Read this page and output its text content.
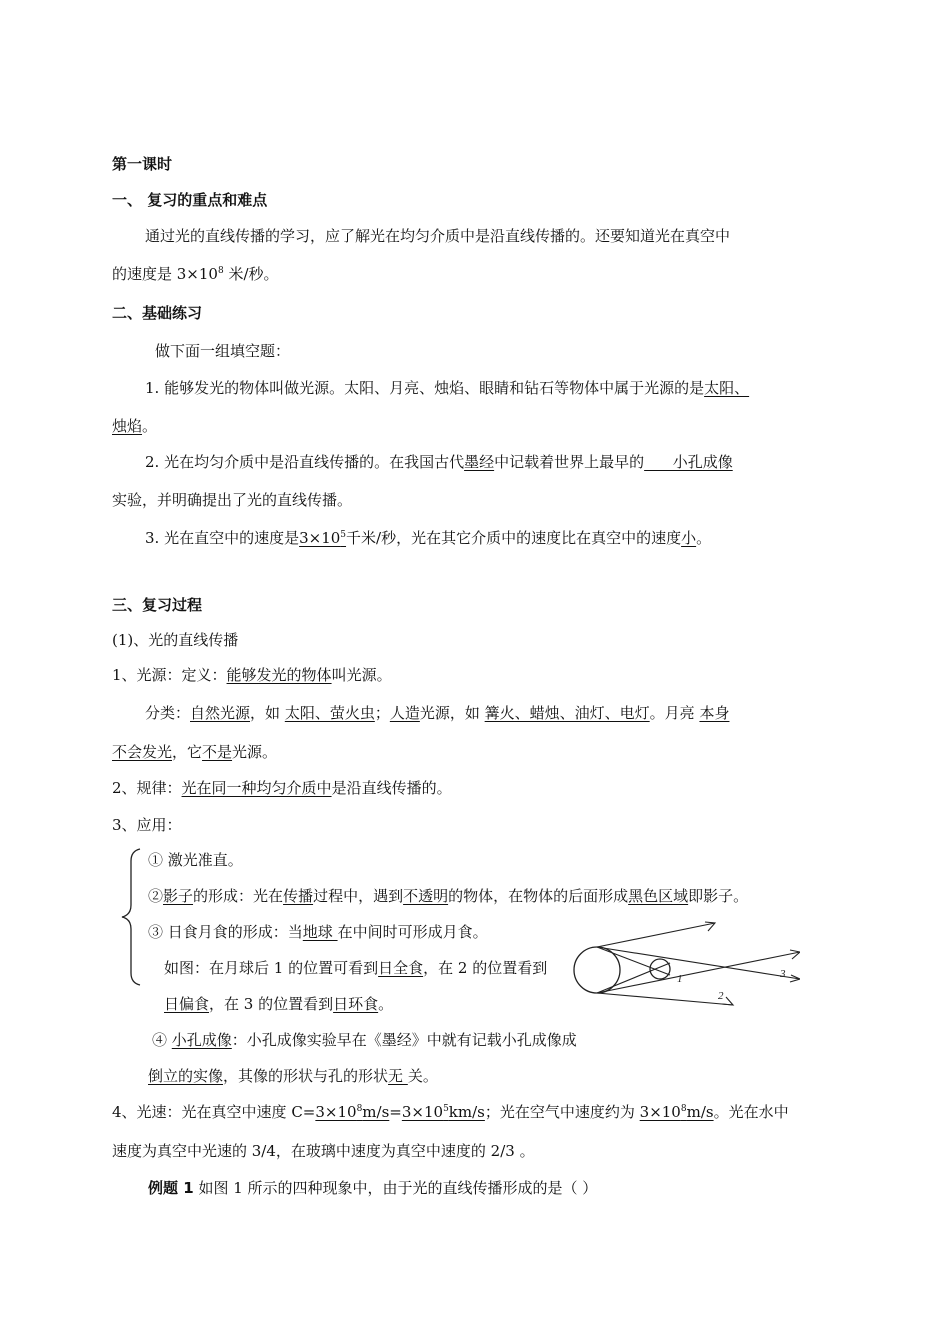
第一课时
一、 复习的重点和难点
通过光的直线传播的学习，应了解光在均匀介质中是沿直线传播的。还要知道光在真空中
的速度是 $3\times 10^8$ 米/秒。
二、基础练习
做下面一组填空题：
1. 能够发光的物体叫做光源。太阳、月亮、烛焰、眼睛和钻石等物体中属于光源的是太阳、
烛焰。
2. 光在均匀介质中是沿直线传播的。在我国古代墨经中记载着世界上最早的      小孔成像
实验，并明确提出了光的直线传播。
3. 光在直空中的速度是$3\times 10^5$千米/秒，光在其它介质中的速度比在真空中的速度小。
三、复习过程
(1)、光的直线传播
1、光源：定义：能够发光的物体叫光源。
分类：自然光源，如 太阳、萤火虫；人造光源，如 篝火、蜡烛、油灯、电灯。月亮 本身
不会发光，它不是光源。
2、规律：光在同一种均匀介质中是沿直线传播的。
3、应用：
① 激光准直。
②影子的形成：光在传播过程中，遇到不透明的物体，在物体的后面形成黑色区域即影子。
③ 日食月食的形成：当地球 在中间时可形成月食。
如图：在月球后 1 的位置可看到日全食，在 2 的位置看到
日偏食，在 3 的位置看到日环食。
1
2
3
④ 小孔成像：小孔成像实验早在《墨经》中就有记载小孔成像成
倒立的实像，其像的形状与孔的形状无 关。
4、光速：光在真空中速度 $C=3\times 10^8m/s=3\times 10^5km/s$；光在空气中速度约为 $3\times 10^8m/s$。光在水中
速度为真空中光速的 3/4，在玻璃中速度为真空中速度的 2/3 。
例题 1 如图 1 所示的四种现象中，由于光的直线传播形成的是（ ）
